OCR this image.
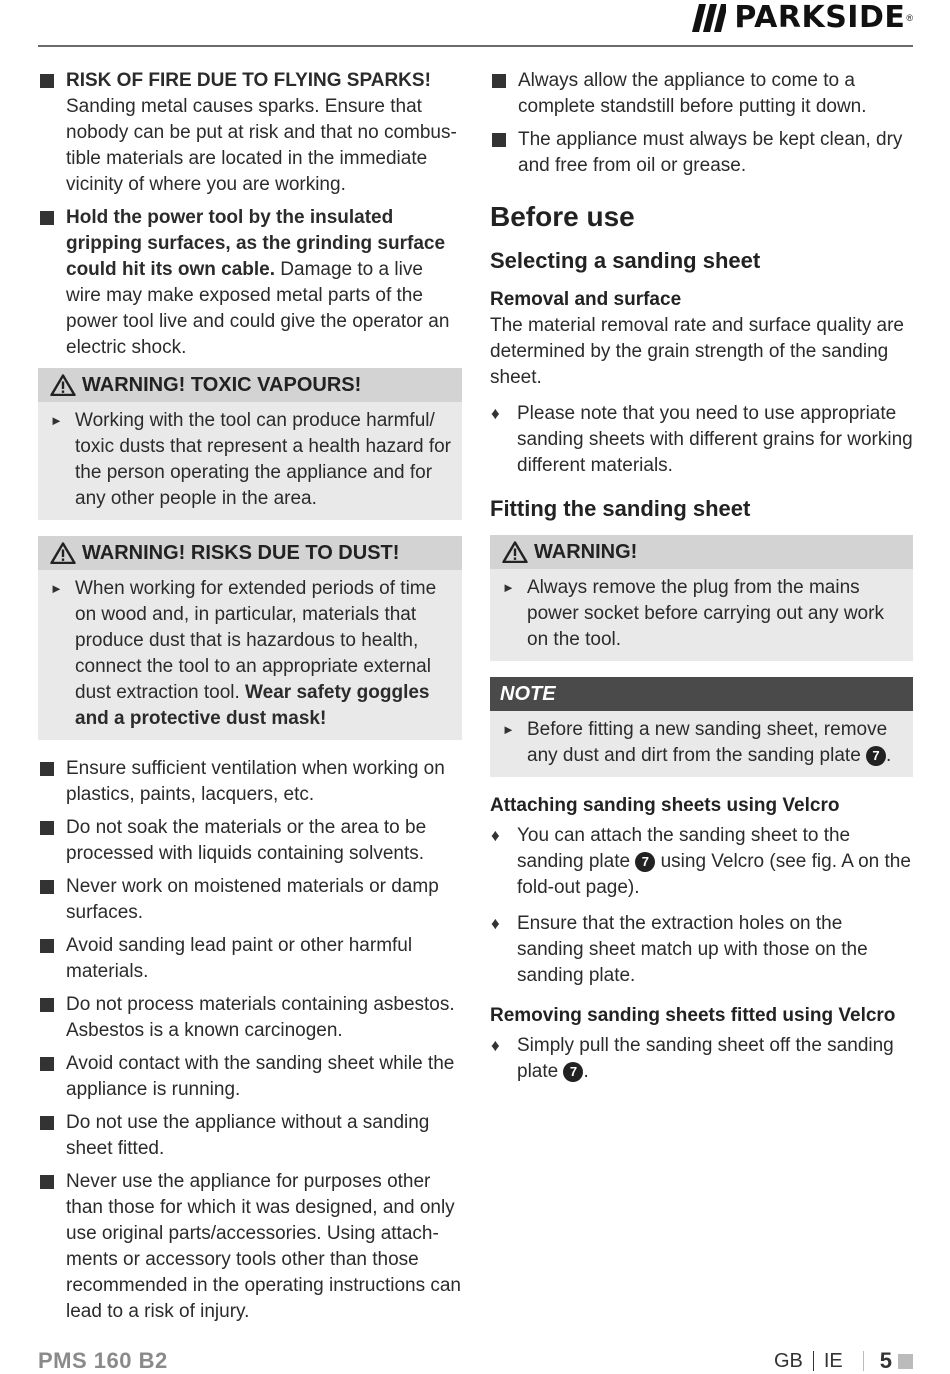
PARKSIDE ®
RISK OF FIRE DUE TO FLYING SPARKS! Sanding metal causes sparks. Ensure that nobody can be put at risk and that no combus-tible materials are located in the immediate vicinity of where you are working.
Hold the power tool by the insulated gripping surfaces, as the grinding surface could hit its own cable. Damage to a live wire may make exposed metal parts of the power tool live and could give the operator an electric shock.
WARNING! TOXIC VAPOURS!
► Working with the tool can produce harmful/ toxic dusts that represent a health hazard for the person operating the appliance and for any other people in the area.
WARNING! RISKS DUE TO DUST!
► When working for extended periods of time on wood and, in particular, materials that produce dust that is hazardous to health, connect the tool to an appropriate external dust extraction tool. Wear safety goggles and a protective dust mask!
Ensure sufficient ventilation when working on plastics, paints, lacquers, etc.
Do not soak the materials or the area to be processed with liquids containing solvents.
Never work on moistened materials or damp surfaces.
Avoid sanding lead paint or other harmful materials.
Do not process materials containing asbestos. Asbestos is a known carcinogen.
Avoid contact with the sanding sheet while the appliance is running.
Do not use the appliance without a sanding sheet fitted.
Never use the appliance for purposes other than those for which it was designed, and only use original parts/accessories. Using attach-ments or accessory tools other than those recommended in the operating instructions can lead to a risk of injury.
Always allow the appliance to come to a complete standstill before putting it down.
The appliance must always be kept clean, dry and free from oil or grease.
Before use
Selecting a sanding sheet
Removal and surface

The material removal rate and surface quality are determined by the grain strength of the sanding sheet.

♦ Please note that you need to use appropriate sanding sheets with different grains for working different materials.
Fitting the sanding sheet
WARNING!
► Always remove the plug from the mains power socket before carrying out any work on the tool.
NOTE
► Before fitting a new sanding sheet, remove any dust and dirt from the sanding plate 7 .
Attaching sanding sheets using Velcro
♦ You can attach the sanding sheet to the sanding plate 7 using Velcro (see fig. A on the fold-out page).
♦ Ensure that the extraction holes on the sanding sheet match up with those on the sanding plate.
Removing sanding sheets fitted using Velcro
♦ Simply pull the sanding sheet off the sanding plate 7 .
PMS 160 B2	GB IE 5
